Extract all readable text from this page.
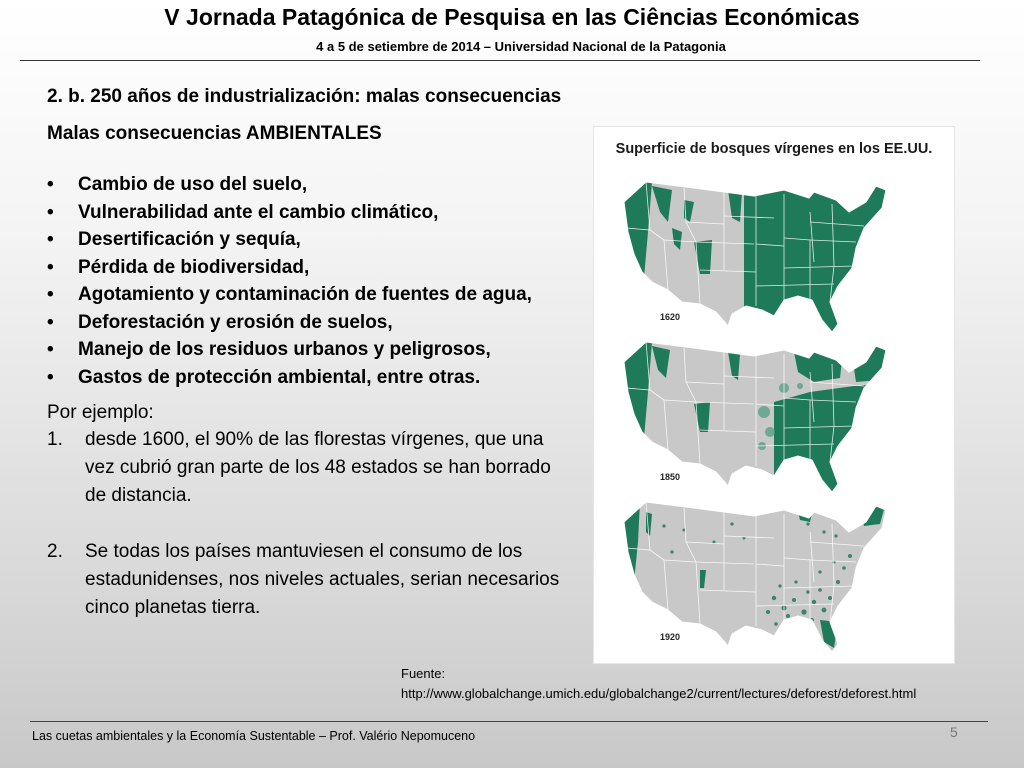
V Jornada Patagónica de Pesquisa en las Ciências Económicas
4 a 5 de setiembre de 2014 – Universidad Nacional de la Patagonia

2. b. 250 años de industrialización: malas consecuencias

Malas consecuencias AMBIENTALES

• Cambio de uso del suelo,
• Vulnerabilidad ante el cambio climático,
• Desertificación y sequía,
• Pérdida de biodiversidad,
• Agotamiento y contaminación de fuentes de agua,
• Deforestación y erosión de suelos,
• Manejo de los residuos urbanos y peligrosos,
• Gastos de protección ambiental, entre otras.

Por ejemplo:

1. desde 1600, el 90% de las florestas vírgenes, que una vez cubrió gran parte de los 48 estados se han borrado de distancia.
2. Se todas los países mantuviesen el consumo de los estadunidenses, nos niveles actuales, serian necesarios cinco planetas tierra.
Superficie de bosques vírgenes en los EE.UU.
1620
1850
1920
Fuente:
http://www.globalchange.umich.edu/globalchange2/current/lectures/deforest/deforest.html
Las cuetas ambientales y la Economía Sustentable – Prof. Valério Nepomuceno	5
